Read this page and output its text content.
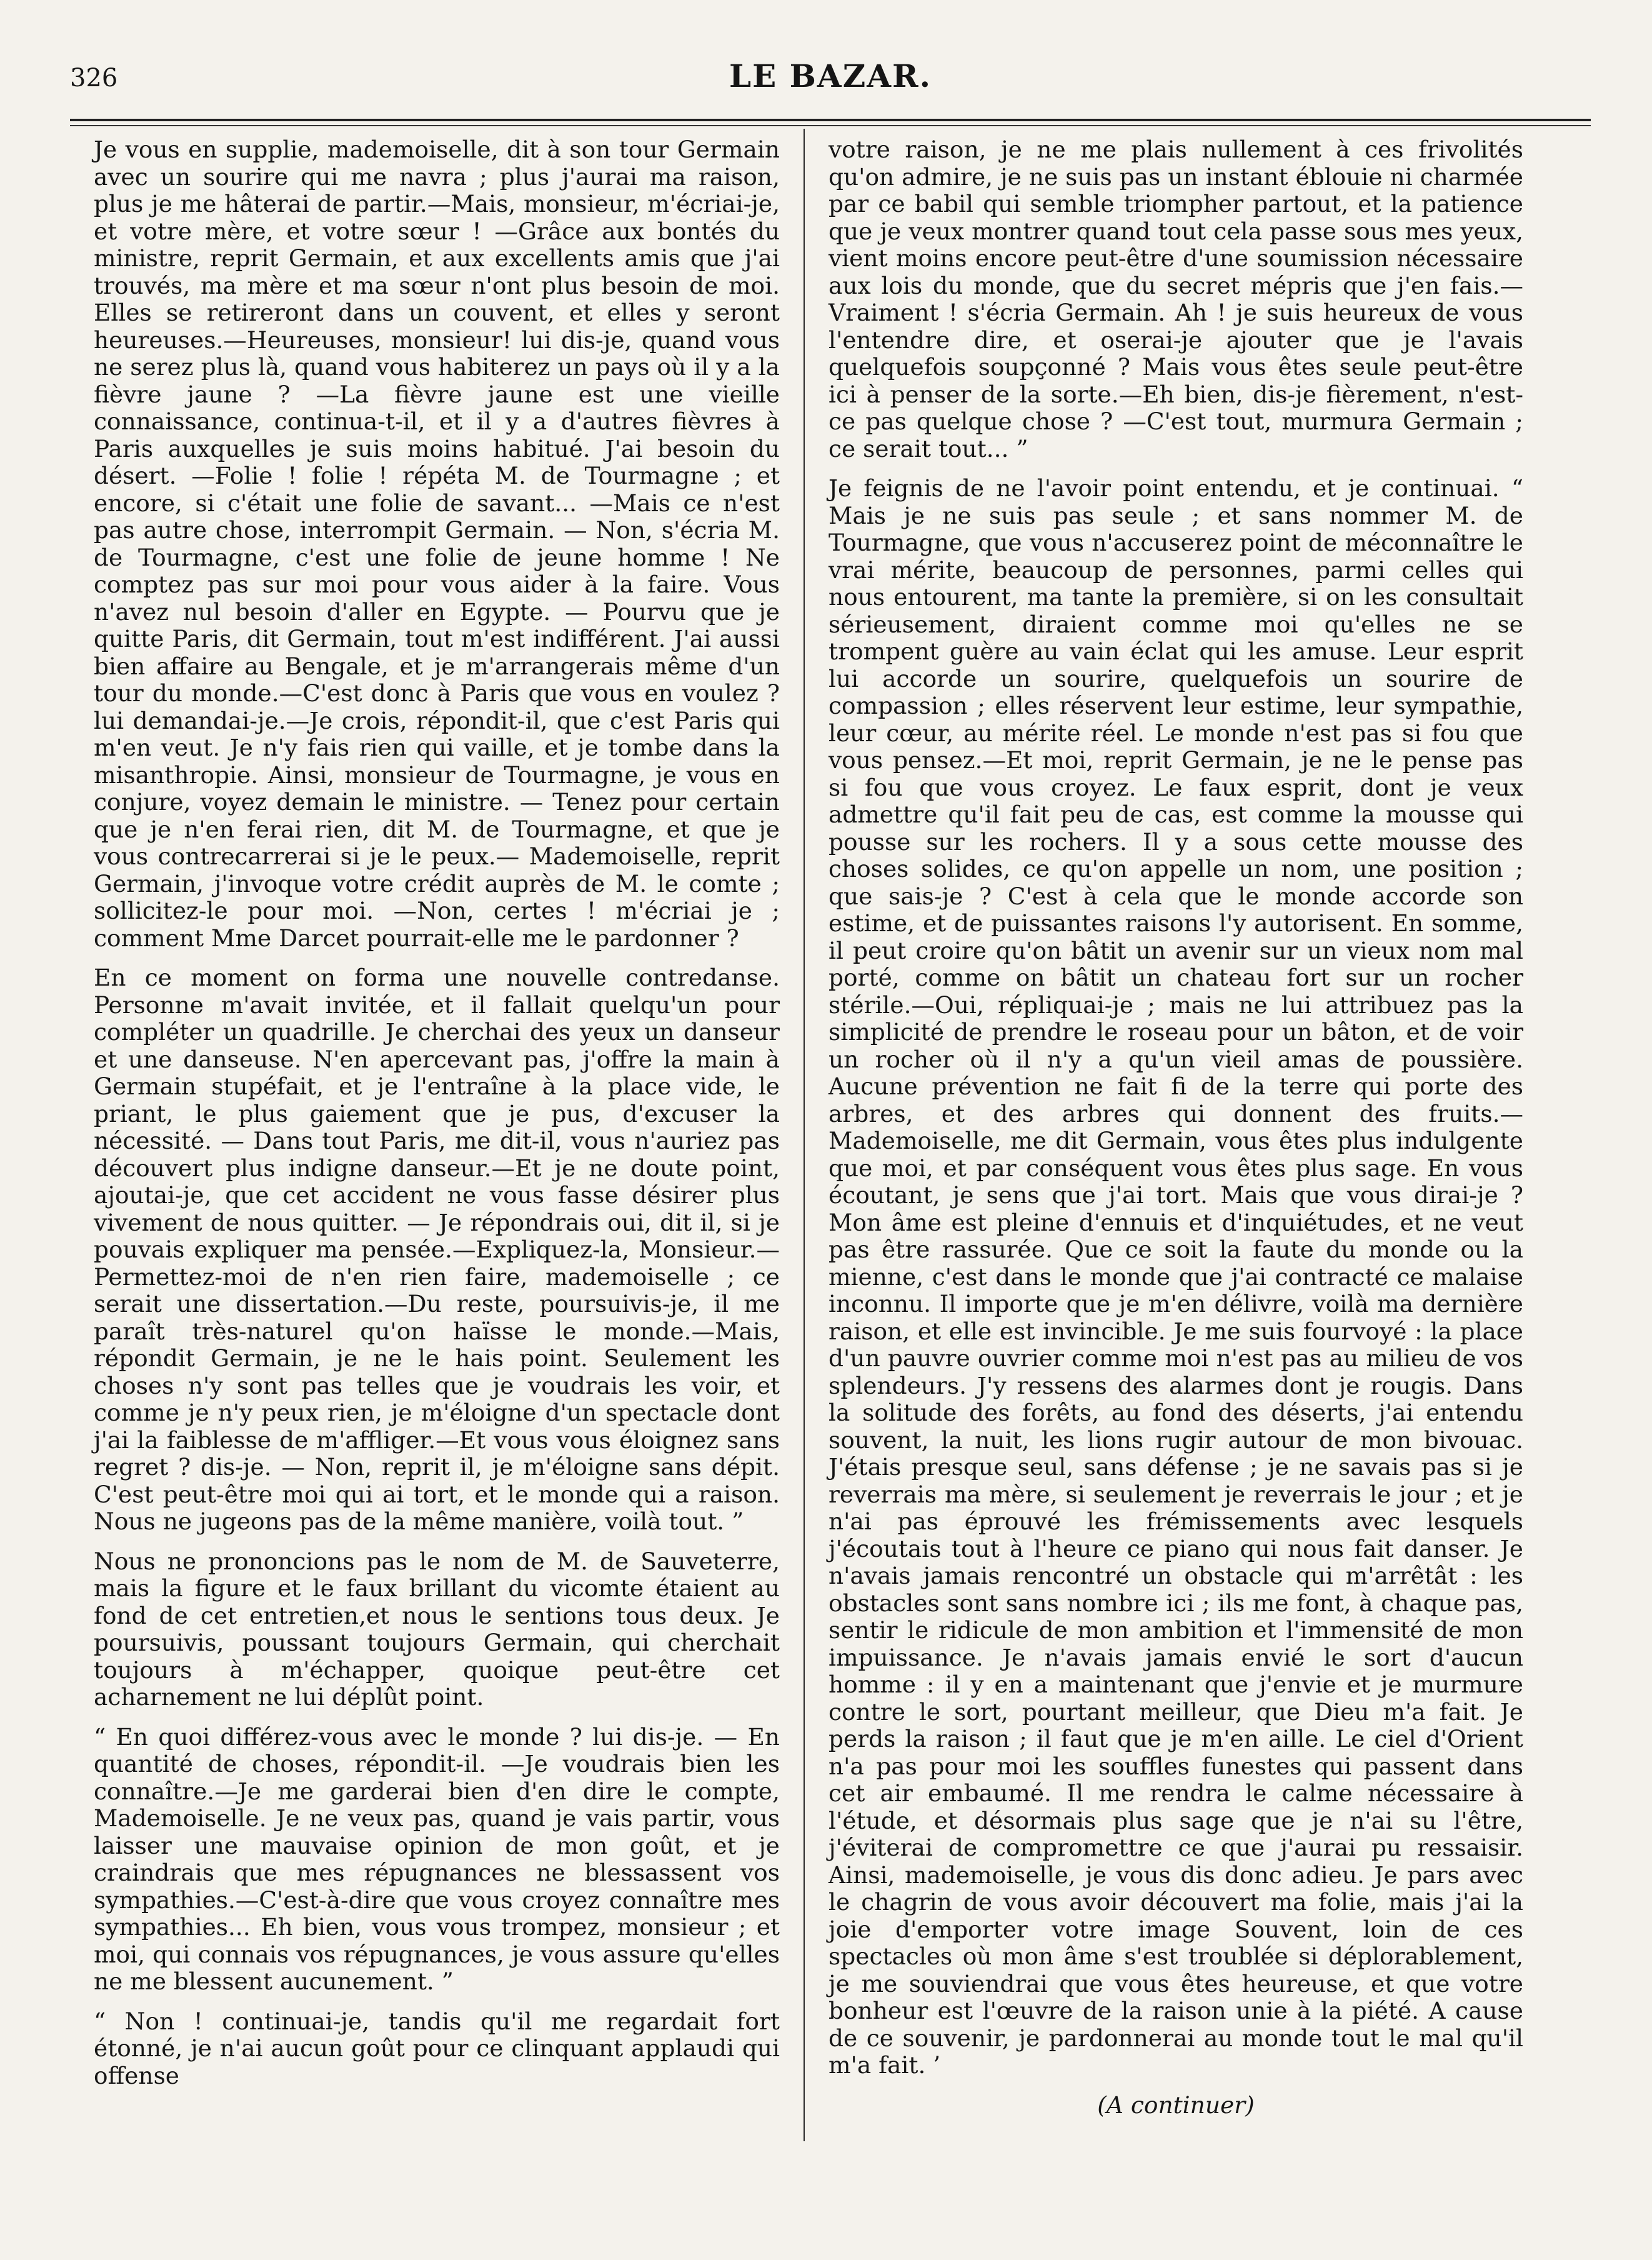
326	LE BAZAR.

Je vous en supplie, mademoiselle, dit à son tour Germain avec un sourire qui me navra ; plus j'aurai ma raison, plus je me hâterai de partir.—Mais, monsieur, m'écriai-je, et votre mère, et votre sœur ! —Grâce aux bontés du ministre, reprit Germain, et aux excellents amis que j'ai trouvés, ma mère et ma sœur n'ont plus besoin de moi. Elles se retireront dans un couvent, et elles y seront heureuses.—Heureuses, monsieur! lui dis-je, quand vous ne serez plus là, quand vous habiterez un pays où il y a la fièvre jaune ? —La fièvre jaune est une vieille connaissance, continua-t-il, et il y a d'autres fièvres à Paris auxquelles je suis moins habitué. J'ai besoin du désert. —Folie ! folie ! répéta M. de Tourmagne ; et encore, si c'était une folie de savant... —Mais ce n'est pas autre chose, interrompit Germain. — Non, s'écria M. de Tourmagne, c'est une folie de jeune homme ! Ne comptez pas sur moi pour vous aider à la faire. Vous n'avez nul besoin d'aller en Egypte. — Pourvu que je quitte Paris, dit Germain, tout m'est indifférent. J'ai aussi bien affaire au Bengale, et je m'arrangerais même d'un tour du monde.—C'est donc à Paris que vous en voulez ? lui demandai-je.—Je crois, répondit-il, que c'est Paris qui m'en veut. Je n'y fais rien qui vaille, et je tombe dans la misanthropie. Ainsi, monsieur de Tourmagne, je vous en conjure, voyez demain le ministre. — Tenez pour certain que je n'en ferai rien, dit M. de Tourmagne, et que je vous contrecarrerai si je le peux.— Mademoiselle, reprit Germain, j'invoque votre crédit auprès de M. le comte ; sollicitez-le pour moi. —Non, certes ! m'écriai je ; comment Mme Darcet pourrait-elle me le pardonner ?

En ce moment on forma une nouvelle contredanse. Personne m'avait invitée, et il fallait quelqu'un pour compléter un quadrille. Je cherchai des yeux un danseur et une danseuse. N'en apercevant pas, j'offre la main à Germain stupéfait, et je l'entraîne à la place vide, le priant, le plus gaiement que je pus, d'excuser la nécessité. — Dans tout Paris, me dit-il, vous n'auriez pas découvert plus indigne danseur.—Et je ne doute point, ajoutai-je, que cet accident ne vous fasse désirer plus vivement de nous quitter. — Je répondrais oui, dit il, si je pouvais expliquer ma pensée.—Expliquez-la, Monsieur.—Permettez-moi de n'en rien faire, mademoiselle ; ce serait une dissertation.—Du reste, poursuivis-je, il me paraît très-naturel qu'on haïsse le monde.—Mais, répondit Germain, je ne le hais point. Seulement les choses n'y sont pas telles que je voudrais les voir, et comme je n'y peux rien, je m'éloigne d'un spectacle dont j'ai la faiblesse de m'affliger.—Et vous vous éloignez sans regret ? dis-je. — Non, reprit il, je m'éloigne sans dépit. C'est peut-être moi qui ai tort, et le monde qui a raison. Nous ne jugeons pas de la même manière, voilà tout. ”

Nous ne prononcions pas le nom de M. de Sauveterre, mais la figure et le faux brillant du vicomte étaient au fond de cet entretien,et nous le sentions tous deux. Je poursuivis, poussant toujours Germain, qui cherchait toujours à m'échapper, quoique peut-être cet acharnement ne lui déplût point.

“ En quoi différez-vous avec le monde ? lui dis-je. — En quantité de choses, répondit-il. —Je voudrais bien les connaître.—Je me garderai bien d'en dire le compte, Mademoiselle. Je ne veux pas, quand je vais partir, vous laisser une mauvaise opinion de mon goût, et je craindrais que mes répugnances ne blessassent vos sympathies.—C'est-à-dire que vous croyez connaître mes sympathies... Eh bien, vous vous trompez, monsieur ; et moi, qui connais vos répugnances, je vous assure qu'elles ne me blessent aucunement. ”

“ Non ! continuai-je, tandis qu'il me regardait fort étonné, je n'ai aucun goût pour ce clinquant applaudi qui offense

votre raison, je ne me plais nullement à ces frivolités qu'on admire, je ne suis pas un instant éblouie ni charmée par ce babil qui semble triompher partout, et la patience que je veux montrer quand tout cela passe sous mes yeux, vient moins encore peut-être d'une soumission nécessaire aux lois du monde, que du secret mépris que j'en fais.—Vraiment ! s'écria Germain. Ah ! je suis heureux de vous l'entendre dire, et oserai-je ajouter que je l'avais quelquefois soupçonné ? Mais vous êtes seule peut-être ici à penser de la sorte.—Eh bien, dis-je fièrement, n'est-ce pas quelque chose ? —C'est tout, murmura Germain ; ce serait tout... ”

Je feignis de ne l'avoir point entendu, et je continuai. “ Mais je ne suis pas seule ; et sans nommer M. de Tourmagne, que vous n'accuserez point de méconnaître le vrai mérite, beaucoup de personnes, parmi celles qui nous entourent, ma tante la première, si on les consultait sérieusement, diraient comme moi qu'elles ne se trompent guère au vain éclat qui les amuse. Leur esprit lui accorde un sourire, quelquefois un sourire de compassion ; elles réservent leur estime, leur sympathie, leur cœur, au mérite réel. Le monde n'est pas si fou que vous pensez.—Et moi, reprit Germain, je ne le pense pas si fou que vous croyez. Le faux esprit, dont je veux admettre qu'il fait peu de cas, est comme la mousse qui pousse sur les rochers. Il y a sous cette mousse des choses solides, ce qu'on appelle un nom, une position ; que sais-je ? C'est à cela que le monde accorde son estime, et de puissantes raisons l'y autorisent. En somme, il peut croire qu'on bâtit un avenir sur un vieux nom mal porté, comme on bâtit un chateau fort sur un rocher stérile.—Oui, répliquai-je ; mais ne lui attribuez pas la simplicité de prendre le roseau pour un bâton, et de voir un rocher où il n'y a qu'un vieil amas de poussière. Aucune prévention ne fait fi de la terre qui porte des arbres, et des arbres qui donnent des fruits.—Mademoiselle, me dit Germain, vous êtes plus indulgente que moi, et par conséquent vous êtes plus sage. En vous écoutant, je sens que j'ai tort. Mais que vous dirai-je ? Mon âme est pleine d'ennuis et d'inquiétudes, et ne veut pas être rassurée. Que ce soit la faute du monde ou la mienne, c'est dans le monde que j'ai contracté ce malaise inconnu. Il importe que je m'en délivre, voilà ma dernière raison, et elle est invincible. Je me suis fourvoyé : la place d'un pauvre ouvrier comme moi n'est pas au milieu de vos splendeurs. J'y ressens des alarmes dont je rougis. Dans la solitude des forêts, au fond des déserts, j'ai entendu souvent, la nuit, les lions rugir autour de mon bivouac. J'étais presque seul, sans défense ; je ne savais pas si je reverrais ma mère, si seulement je reverrais le jour ; et je n'ai pas éprouvé les frémissements avec lesquels j'écoutais tout à l'heure ce piano qui nous fait danser. Je n'avais jamais rencontré un obstacle qui m'arrêtât : les obstacles sont sans nombre ici ; ils me font, à chaque pas, sentir le ridicule de mon ambition et l'immensité de mon impuissance. Je n'avais jamais envié le sort d'aucun homme : il y en a maintenant que j'envie et je murmure contre le sort, pourtant meilleur, que Dieu m'a fait. Je perds la raison ; il faut que je m'en aille. Le ciel d'Orient n'a pas pour moi les souffles funestes qui passent dans cet air embaumé. Il me rendra le calme nécessaire à l'étude, et désormais plus sage que je n'ai su l'être, j'éviterai de compromettre ce que j'aurai pu ressaisir. Ainsi, mademoiselle, je vous dis donc adieu. Je pars avec le chagrin de vous avoir découvert ma folie, mais j'ai la joie d'emporter votre image Souvent, loin de ces spectacles où mon âme s'est troublée si déplorablement, je me souviendrai que vous êtes heureuse, et que votre bonheur est l'œuvre de la raison unie à la piété. A cause de ce souvenir, je pardonnerai au monde tout le mal qu'il m'a fait. ’

(A continuer)
